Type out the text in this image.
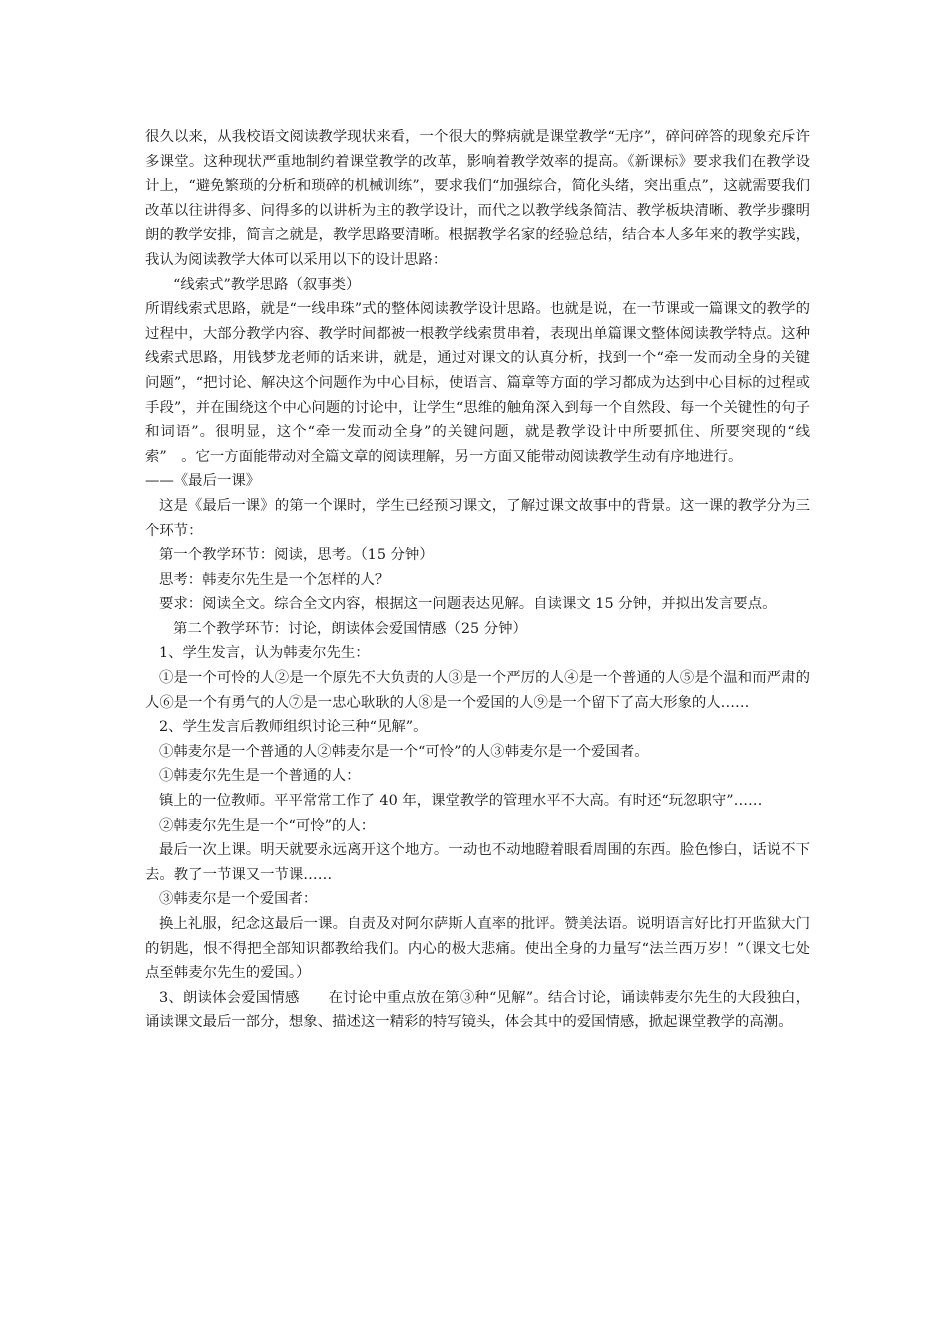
很久以来，从我校语文阅读教学现状来看，一个很大的弊病就是课堂教学“无序”，碎问碎答的现象充斥许多课堂。这种现状严重地制约着课堂教学的改革，影响着教学效率的提高。《新课标》要求我们在教学设计上，“避免繁琐的分析和琐碎的机械训练”，要求我们“加强综合，简化头绪，突出重点”，这就需要我们改革以往讲得多、问得多的以讲析为主的教学设计，而代之以教学线条简洁、教学板块清晰、教学步骤明朗的教学安排，简言之就是，教学思路要清晰。根据教学名家的经验总结，结合本人多年来的教学实践，我认为阅读教学大体可以采用以下的设计思路：

“线索式”教学思路（叙事类）

所谓线索式思路，就是“一线串珠”式的整体阅读教学设计思路。也就是说，在一节课或一篇课文的教学的过程中，大部分教学内容、教学时间都被一根教学线索贯串着，表现出单篇课文整体阅读教学特点。这种线索式思路，用钱梦龙老师的话来讲，就是，通过对课文的认真分析，找到一个“牵一发而动全身的关键问题”，“把讨论、解决这个问题作为中心目标，使语言、篇章等方面的学习都成为达到中心目标的过程或手段”，并在围绕这个中心问题的讨论中，让学生“思维的触角深入到每一个自然段、每一个关键性的句子和词语”。很明显，这个“牵一发而动全身”的关键问题，就是教学设计中所要抓住、所要突现的“线索”　。它一方面能带动对全篇文章的阅读理解，另一方面又能带动阅读教学生动有序地进行。

——《最后一课》

这是《最后一课》的第一个课时，学生已经预习课文，了解过课文故事中的背景。这一课的教学分为三个环节：

第一个教学环节：阅读，思考。（15 分钟）

思考：韩麦尔先生是一个怎样的人？

要求：阅读全文。综合全文内容，根据这一问题表达见解。自读课文 15 分钟，并拟出发言要点。

第二个教学环节：讨论，朗读体会爱国情感（25 分钟）

1、学生发言，认为韩麦尔先生：

①是一个可怜的人②是一个原先不大负责的人③是一个严厉的人④是一个普通的人⑤是个温和而严肃的人⑥是一个有勇气的人⑦是一忠心耿耿的人⑧是一个爱国的人⑨是一个留下了高大形象的人……

2、学生发言后教师组织讨论三种“见解”。

①韩麦尔是一个普通的人②韩麦尔是一个“可怜”的人③韩麦尔是一个爱国者。

①韩麦尔先生是一个普通的人：

镇上的一位教师。平平常常工作了 40 年，课堂教学的管理水平不大高。有时还“玩忽职守”……

②韩麦尔先生是一个“可怜”的人：

最后一次上课。明天就要永远离开这个地方。一动也不动地瞪着眼看周围的东西。脸色惨白，话说不下去。教了一节课又一节课……

③韩麦尔是一个爱国者：

换上礼服，纪念这最后一课。自责及对阿尔萨斯人直率的批评。赞美法语。说明语言好比打开监狱大门的钥匙，恨不得把全部知识都教给我们。内心的极大悲痛。使出全身的力量写“法兰西万岁！”（课文七处点至韩麦尔先生的爱国。）

3、朗读体会爱国情感　　在讨论中重点放在第③种“见解”。结合讨论，诵读韩麦尔先生的大段独白，诵读课文最后一部分，想象、描述这一精彩的特写镜头，体会其中的爱国情感，掀起课堂教学的高潮。
